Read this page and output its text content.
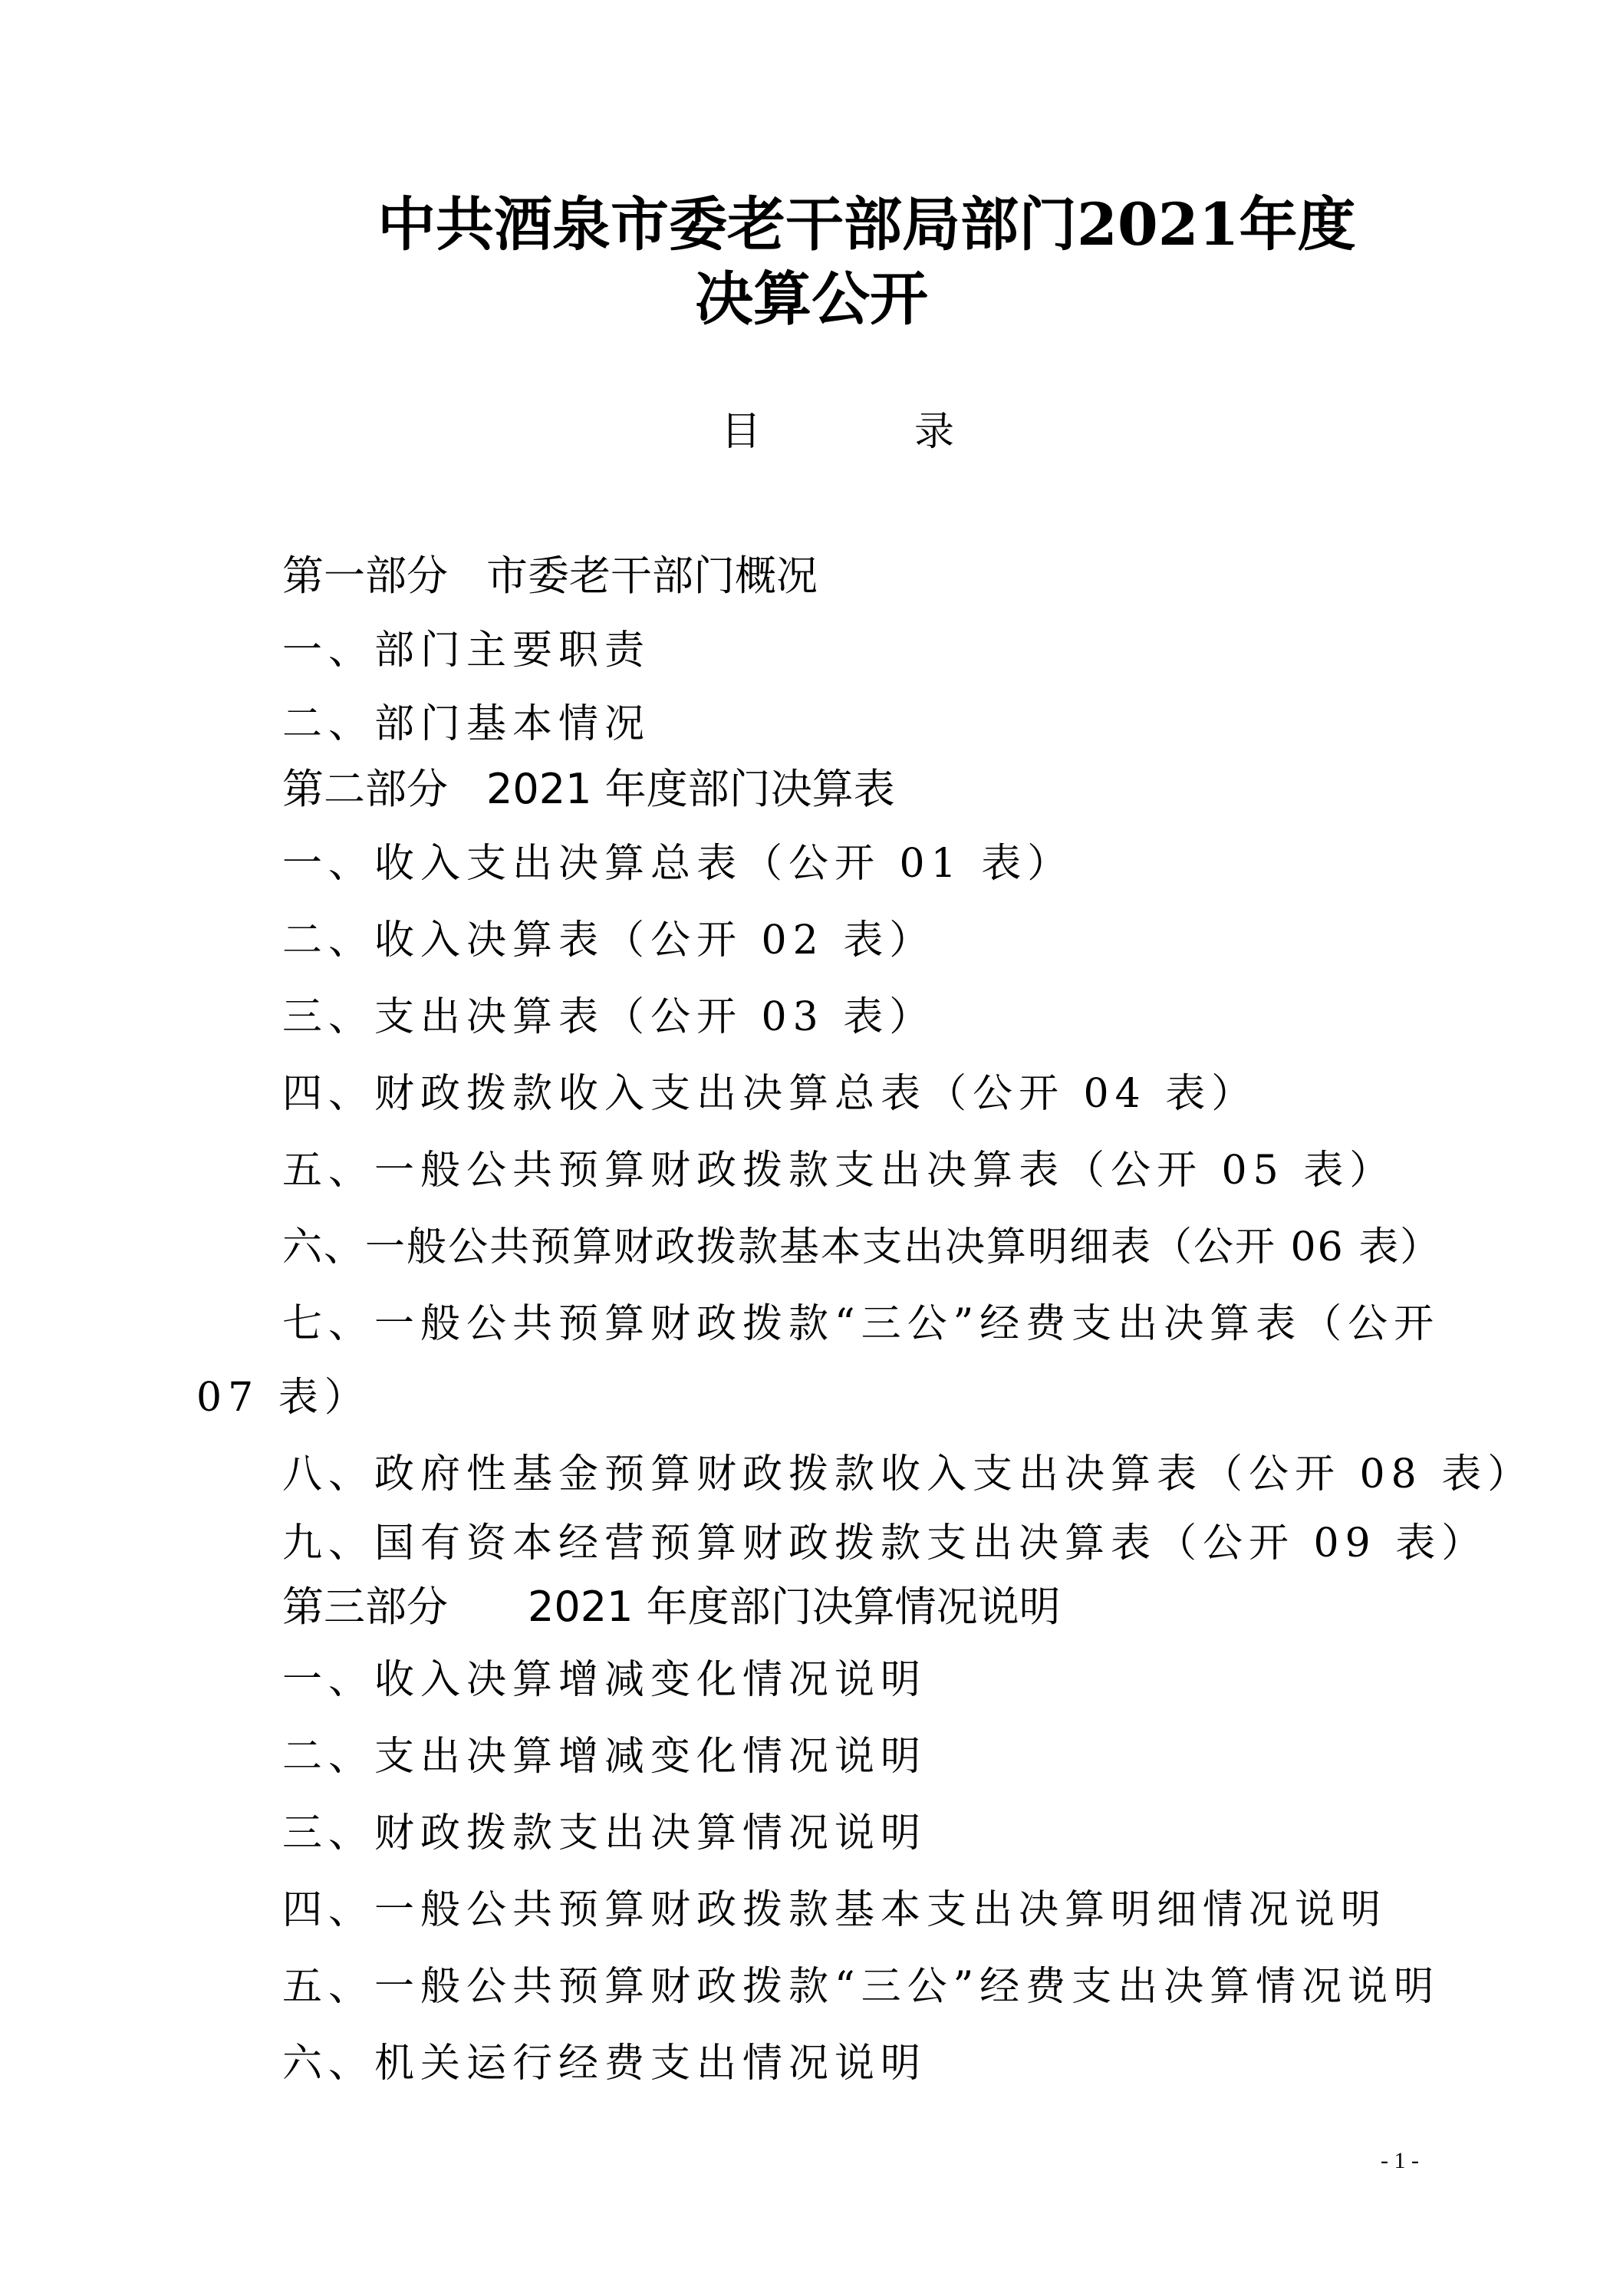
中共酒泉市委老干部局部门2021年度
决算公开
目	录
第一部分 市委老干部门概况
一、部门主要职责
二、部门基本情况
第二部分 2021 年度部门决算表
一、收入支出决算总表（公开 01 表）
二、收入决算表（公开 02 表）
三、支出决算表（公开 03 表）
四、财政拨款收入支出决算总表（公开 04 表）
五、一般公共预算财政拨款支出决算表（公开 05 表）
六、一般公共预算财政拨款基本支出决算明细表（公开 06 表）
七、一般公共预算财政拨款“三公”经费支出决算表（公开
07 表）
八、政府性基金预算财政拨款收入支出决算表（公开 08 表）
九、国有资本经营预算财政拨款支出决算表（公开 09 表）
第三部分 2021 年度部门决算情况说明
一、收入决算增减变化情况说明
二、支出决算增减变化情况说明
三、财政拨款支出决算情况说明
四、一般公共预算财政拨款基本支出决算明细情况说明
五、一般公共预算财政拨款“三公”经费支出决算情况说明
六、机关运行经费支出情况说明
- 1 -
